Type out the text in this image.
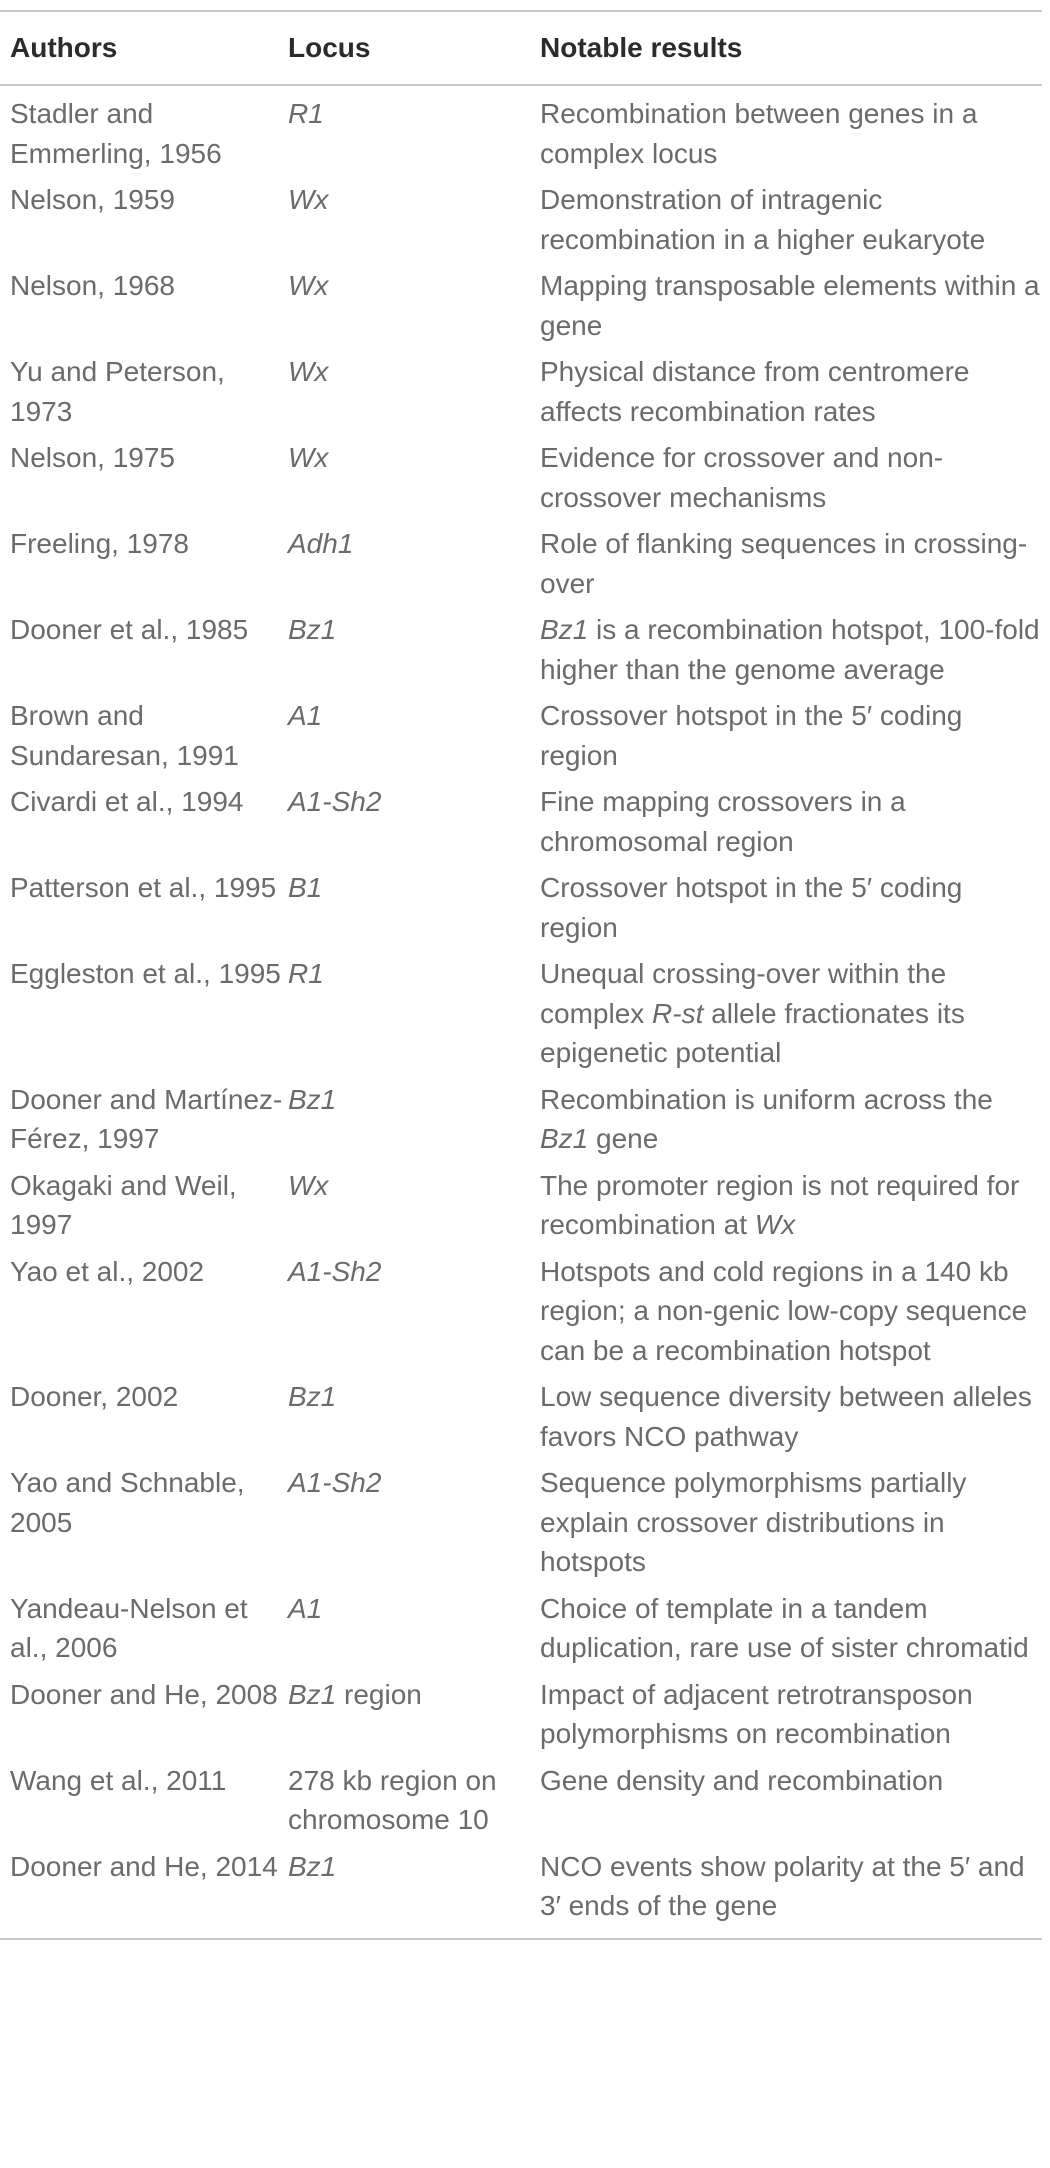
Authors	Locus	Notable results
Stadler and Emmerling, 1956	R1	Recombination between genes in a complex locus
Nelson, 1959	Wx	Demonstration of intragenic recombination in a higher eukaryote
Nelson, 1968	Wx	Mapping transposable elements within a gene
Yu and Peterson, 1973	Wx	Physical distance from centromere affects recombination rates
Nelson, 1975	Wx	Evidence for crossover and non-crossover mechanisms
Freeling, 1978	Adh1	Role of flanking sequences in crossing-over
Dooner et al., 1985	Bz1	Bz1 is a recombination hotspot, 100-fold higher than the genome average
Brown and Sundaresan, 1991	A1	Crossover hotspot in the 5′ coding region
Civardi et al., 1994	A1-Sh2	Fine mapping crossovers in a chromosomal region
Patterson et al., 1995	B1	Crossover hotspot in the 5′ coding region
Eggleston et al., 1995	R1	Unequal crossing-over within the complex R-st allele fractionates its epigenetic potential
Dooner and Martínez-Férez, 1997	Bz1	Recombination is uniform across the Bz1 gene
Okagaki and Weil, 1997	Wx	The promoter region is not required for recombination at Wx
Yao et al., 2002	A1-Sh2	Hotspots and cold regions in a 140 kb region; a non-genic low-copy sequence can be a recombination hotspot
Dooner, 2002	Bz1	Low sequence diversity between alleles favors NCO pathway
Yao and Schnable, 2005	A1-Sh2	Sequence polymorphisms partially explain crossover distributions in hotspots
Yandeau-Nelson et al., 2006	A1	Choice of template in a tandem duplication, rare use of sister chromatid
Dooner and He, 2008	Bz1 region	Impact of adjacent retrotransposon polymorphisms on recombination
Wang et al., 2011	278 kb region on chromosome 10	Gene density and recombination
Dooner and He, 2014	Bz1	NCO events show polarity at the 5′ and 3′ ends of the gene
